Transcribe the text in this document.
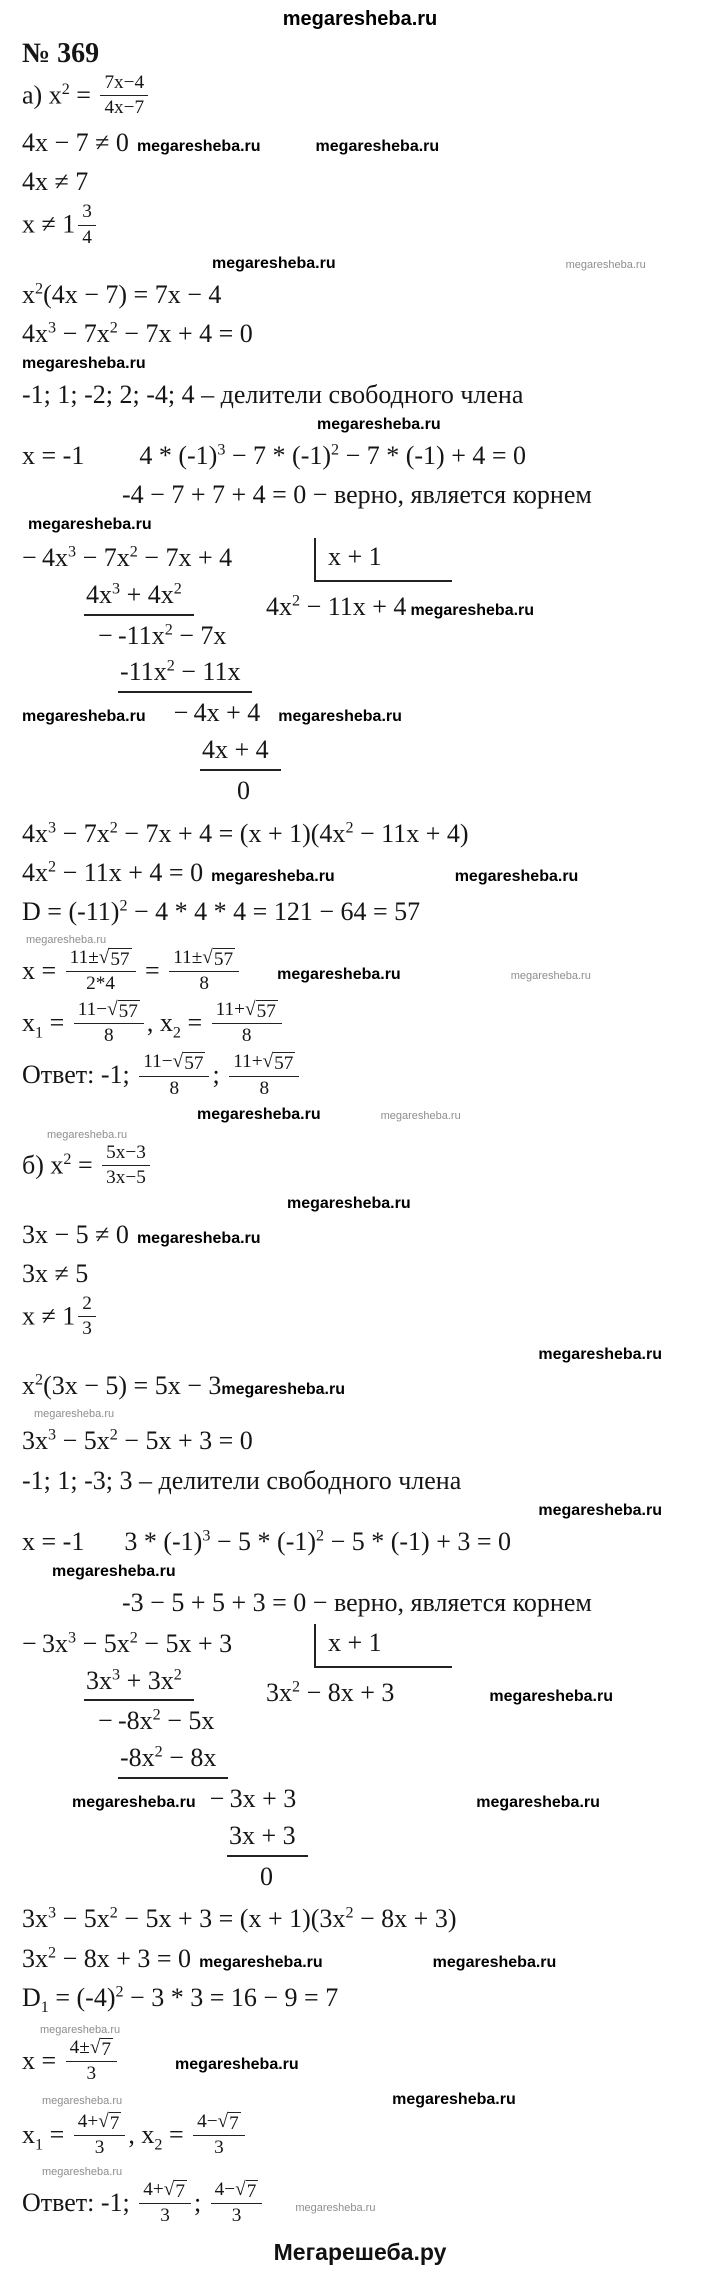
megaresheba.ru
№ 369
а) $x^2 = \frac{7x-4}{4x-7}$
4x − 7 ≠ 0 megaresheba.ru	megaresheba.ru
4x ≠ 7
$x \ne 1 \frac{3}{4}$
megaresheba.ru	megaresheba.ru
$x^2(4x - 7) = 7x - 4$
$4x^3 - 7x^2 - 7x + 4 = 0$
megaresheba.ru
-1; 1; -2; 2; -4; 4 – делители свободного члена
megaresheba.ru
x = -1 $4 * (-1)^3 - 7 * (-1)^2 - 7 * (-1) + 4 = 0$
-4 − 7 + 7 + 4 = 0 − верно, является корнем
megaresheba.ru
− $4x^3 - 7x^2 - 7x + 4$
$4x^3 + 4x^2$
− $-11x^2 - 7x$
$-11x^2 - 11x$
megaresheba.ru − 4x + 4 megaresheba.ru
4x + 4
0
x + 1
$4x^2 - 11x + 4$ megaresheba.ru
$4x^3 - 7x^2 - 7x + 4 = (x + 1)(4x^2 - 11x + 4)$
$4x^2 - 11x + 4 = 0$ megaresheba.ru	megaresheba.ru
$D = (-11)^2 - 4 * 4 * 4 = 121 - 64 = 57$
megaresheba.ru
$x = \frac{11\pm √ 57}{2*4} = \frac{11\pm √ 57}{8}$ megaresheba.ru	megaresheba.ru
$x_1 = \frac{11- √ 57}{8}$ , $x_2 = \frac{11+ √ 57}{8}$
Ответ: -1; $\frac{11- √ 57}{8}$ ; $\frac{11+ √ 57}{8}$
megaresheba.ru	megaresheba.ru
megaresheba.ru
б) $x^2 = \frac{5x-3}{3x-5}$
megaresheba.ru
3x − 5 ≠ 0 megaresheba.ru
3x ≠ 5
$x \ne 1 \frac{2}{3}$
megaresheba.ru
$x^2(3x - 5) = 5x$ − 3megaresheba.ru
megaresheba.ru
$3x^3 - 5x^2 - 5x + 3 = 0$
-1; 1; -3; 3 – делители свободного члена
megaresheba.ru
x = -1 $3 * (-1)^3 - 5 * (-1)^2 - 5 * (-1) + 3 = 0$
megaresheba.ru
-3 − 5 + 5 + 3 = 0 − верно, является корнем
− $3x^3 - 5x^2 - 5x + 3$
$3x^3 + 3x^2$
− $-8x^2 - 5x$
$-8x^2 - 8x$
megaresheba.ru − 3x + 3	megaresheba.ru
3x + 3
0
x + 1
$3x^2 - 8x + 3$	megaresheba.ru
$3x^3 - 5x^2 - 5x + 3 = (x + 1)(3x^2 - 8x + 3)$
$3x^2 - 8x + 3 = 0$ megaresheba.ru	megaresheba.ru
$D_1 = (-4)^2 - 3 * 3 = 16 - 9 = 7$
megaresheba.ru
$x = \frac{4\pm √ 7}{3}$	megaresheba.ru
megaresheba.ru	megaresheba.ru
$x_1 = \frac{4+ √ 7}{3}$ , $x_2 = \frac{4- √ 7}{3}$
megaresheba.ru
Ответ: -1; $\frac{4+ √ 7}{3}$ ; $\frac{4- √ 7}{3}$	megaresheba.ru
Мегарешеба.ру
